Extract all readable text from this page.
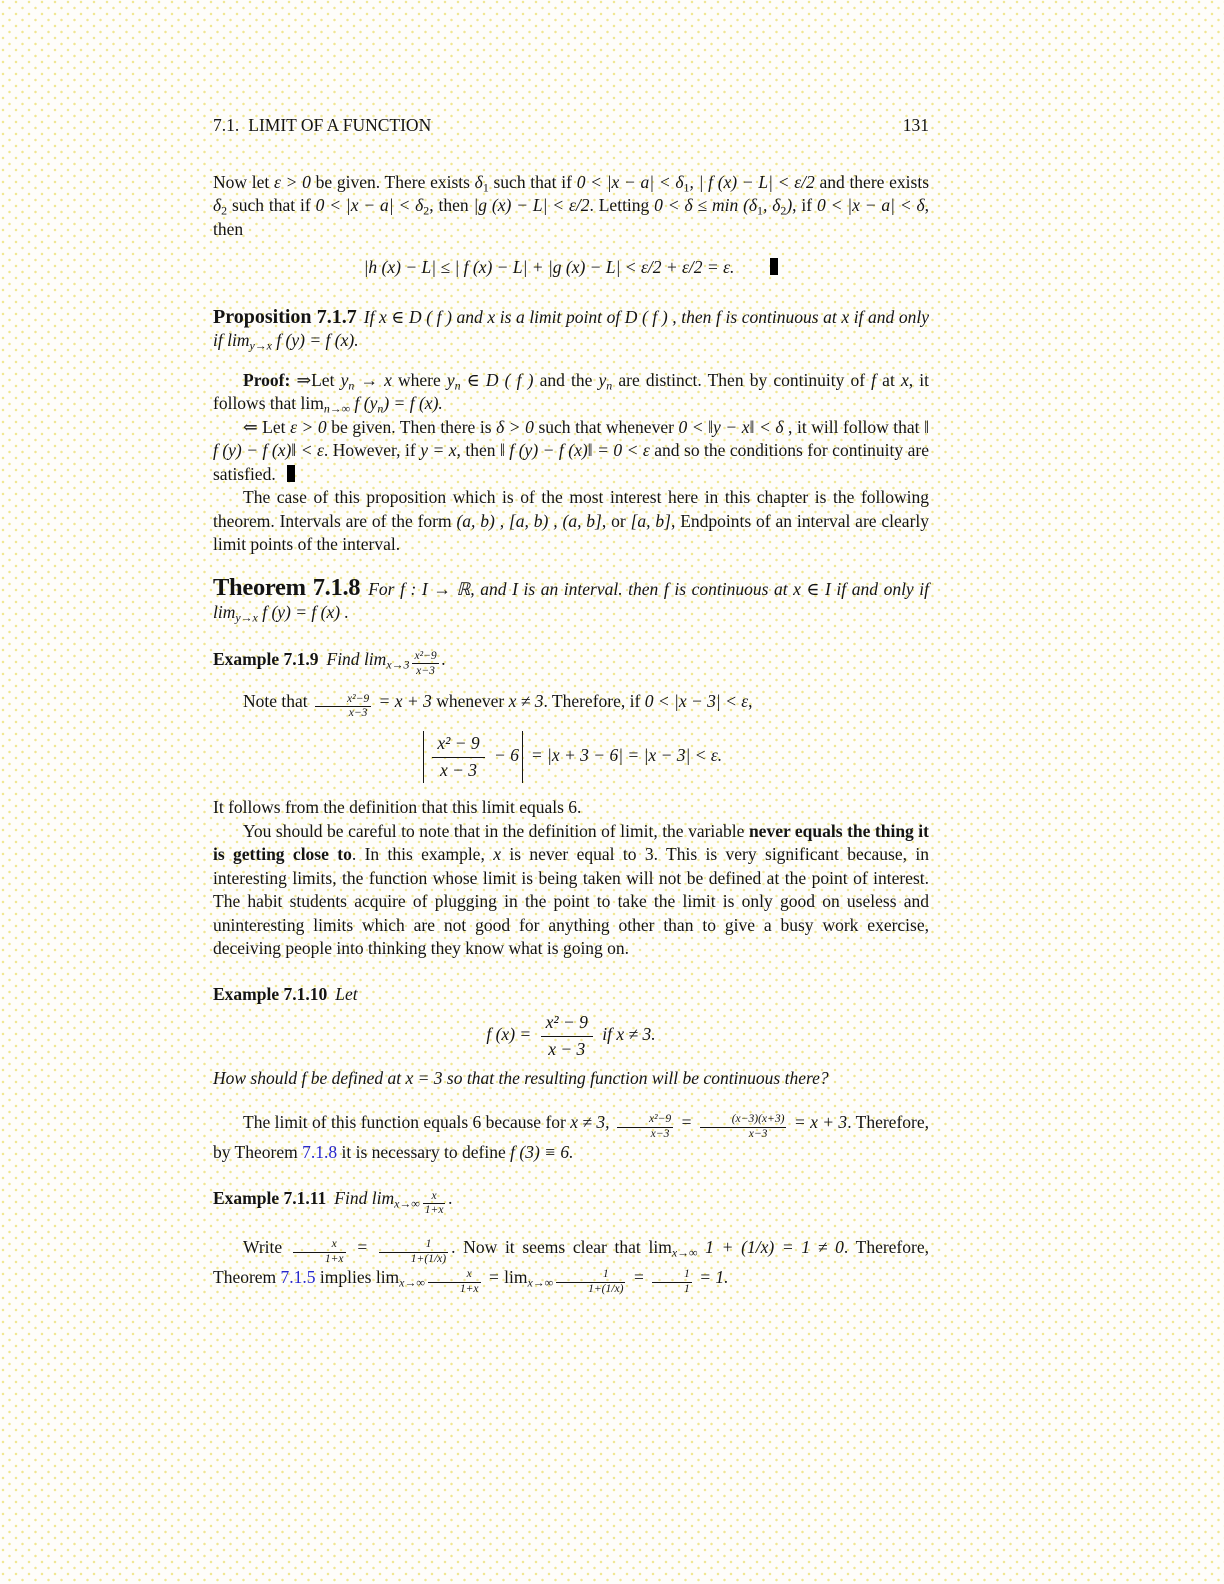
7.1. LIMIT OF A FUNCTION	131

Now let ε > 0 be given. There exists $\delta_1$ such that if $0 < |x - a| < \delta_1$, | f (x) − L| < ε/2 and there exists $\delta_2$ such that if $0 < |x - a| < \delta_2$, then |g (x) − L| < ε/2. Letting $0 < \delta \le \min (\delta_1$, $\delta_2$), if 0 < |x − a| < δ, then

|h (x) − L| ≤ | f (x) − L| + |g (x) − L| < ε/2 + ε/2 = ε.

Proposition 7.1.7 If x ∈ D ( f ) and x is a limit point of D ( f ) , then f is continuous at x if and only if $\lim_{y\to x} f$ (y) = f (x).

Proof: ⇒Let $y_n \to x$ where $y_n$ ∈ D ( f ) and the $y_n$ are distinct. Then by continuity of f at x, it follows that $\lim_{n\to\infty} f$ $(y_n) = f$ (x).

⇐ Let ε > 0 be given. Then there is δ > 0 such that whenever 0 < ‖y − x‖ < δ , it will follow that ‖ f (y) − f (x)‖ < ε. However, if y = x, then ‖ f (y) − f (x)‖ = 0 < ε and so the conditions for continuity are satisfied.

The case of this proposition which is of the most interest here in this chapter is the following theorem. Intervals are of the form (a, b) , [a, b) , (a, b], or [a, b], Endpoints of an interval are clearly limit points of the interval.

Theorem 7.1.8 For f : I → ℝ, and I is an interval. then f is continuous at x ∈ I if and only if $\lim_{y\to x} f$ (y) = f (x) .

Example 7.1.9 Find $\lim_{x\to 3} \frac{\text{x²−9}}{x-3}$ .

Note that $\frac{\text{x²−9}}{x-3} = x + 3$ whenever x ≠ 3. Therefore, if 0 < |x − 3| < ε,

$\frac{\text{x² − 9}}{x - 3} - 6 = |x + 3 - 6| = |x - 3| < \varepsilon$.

It follows from the definition that this limit equals 6.

You should be careful to note that in the definition of limit, the variable never equals the thing it is getting close to. In this example, x is never equal to 3. This is very significant because, in interesting limits, the function whose limit is being taken will not be defined at the point of interest. The habit students acquire of plugging in the point to take the limit is only good on useless and uninteresting limits which are not good for anything other than to give a busy work exercise, deceiving people into thinking they know what is going on.

Example 7.1.10 Let

f $(x) = \frac{\text{x² − 9}}{x - 3}$ if x ≠ 3.

How should f be defined at x = 3 so that the resulting function will be continuous there?

The limit of this function equals 6 because for x ≠ 3, $\frac{\text{x²−9}}{x-3} = \frac{(x-3)(x+3)}{x-3} = x + 3$. Therefore, by Theorem 7.1.8 it is necessary to define f (3) ≡ 6.

Example 7.1.11 Find $\lim_{x\to\infty} \frac{x}{1+x}$ .

Write $\frac{x}{1+x} = \frac{1}{1+(1/x)}$ . Now it seems clear that $\lim_{x\to\infty} 1 + (1/x) = 1 \ne 0$. Therefore, Theorem 7.1.5 implies $\lim_{x\to\infty} \frac{x}{1+x} = \lim_{x\to\infty} \frac{1}{1+(1/x)} = \frac{1}{1} = 1$.
